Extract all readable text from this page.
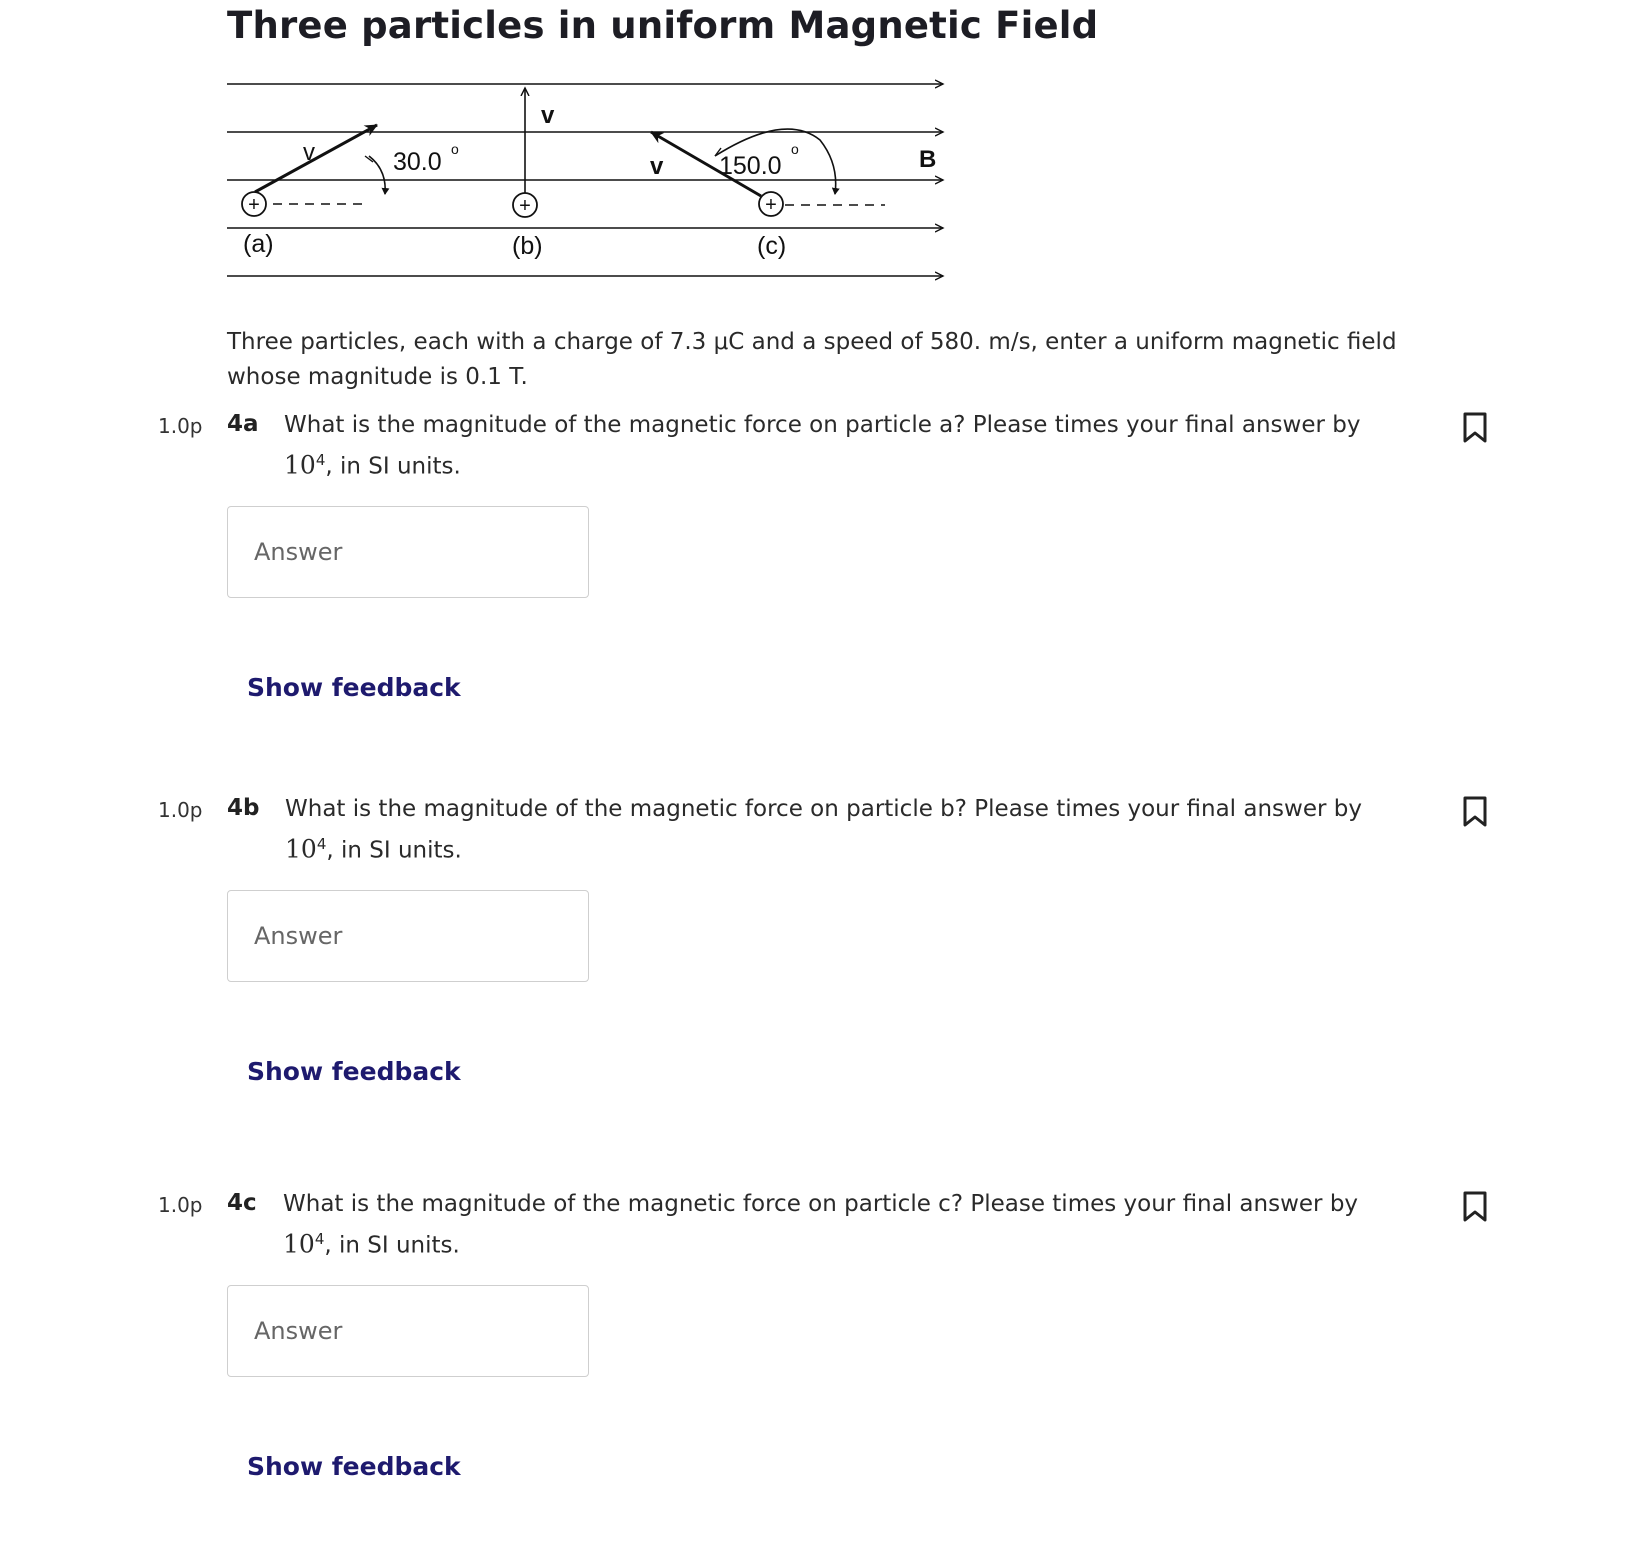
Three particles in uniform Magnetic Field
B
+
v	30.0 o
(a)
+
v
(b)
+
v 150.0
o
(c)
Three particles, each with a charge of 7.3 μC and a speed of 580. m/s, enter a uniform magnetic field whose magnitude is 0.1 T.
1.0p 4a What is the magnitude of the magnetic force on particle a? Please times your final answer by $10^4$, in SI units.
Answer
Show feedback
1.0p 4b What is the magnitude of the magnetic force on particle b? Please times your final answer by $10^4$, in SI units.
Answer
Show feedback
1.0p 4c What is the magnitude of the magnetic force on particle c? Please times your final answer by $10^4$, in SI units.
Answer
Show feedback
